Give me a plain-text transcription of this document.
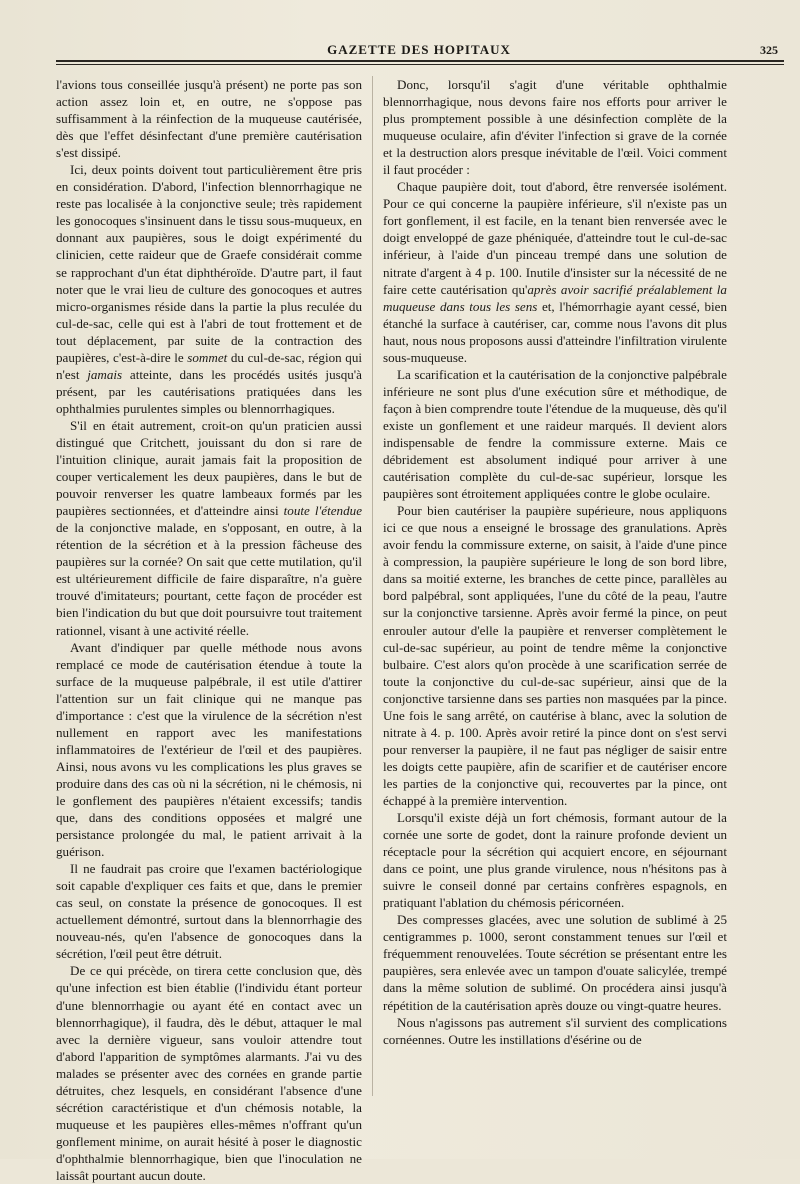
GAZETTE DES HOPITAUX	325

l'avions tous conseillée jusqu'à présent) ne porte pas son action assez loin et, en outre, ne s'oppose pas suffisamment à la réinfection de la muqueuse cautérisée, dès que l'effet désinfectant d'une première cautérisation s'est dissipé.

Ici, deux points doivent tout particulièrement être pris en considération. D'abord, l'infection blennorrhagique ne reste pas localisée à la conjonctive seule; très rapidement les gonocoques s'insinuent dans le tissu sous-muqueux, en donnant aux paupières, sous le doigt expérimenté du clinicien, cette raideur que de Graefe considérait comme se rapprochant d'un état diphthéroïde. D'autre part, il faut noter que le vrai lieu de culture des gonocoques et autres micro-organismes réside dans la partie la plus reculée du cul-de-sac, celle qui est à l'abri de tout frottement et de tout déplacement, par suite de la contraction des paupières, c'est-à-dire le sommet du cul-de-sac, région qui n'est jamais atteinte, dans les procédés usités jusqu'à présent, par les cautérisations pratiquées dans les ophthalmies purulentes simples ou blennorrhagiques.

S'il en était autrement, croit-on qu'un praticien aussi distingué que Critchett, jouissant du don si rare de l'intuition clinique, aurait jamais fait la proposition de couper verticalement les deux paupières, dans le but de pouvoir renverser les quatre lambeaux formés par les paupières sectionnées, et d'atteindre ainsi toute l'étendue de la conjonctive malade, en s'opposant, en outre, à la rétention de la sécrétion et à la pression fâcheuse des paupières sur la cornée? On sait que cette mutilation, qu'il est ultérieurement difficile de faire disparaître, n'a guère trouvé d'imitateurs; pourtant, cette façon de procéder est bien l'indication du but que doit poursuivre tout traitement rationnel, visant à une activité réelle.

Avant d'indiquer par quelle méthode nous avons remplacé ce mode de cautérisation étendue à toute la surface de la muqueuse palpébrale, il est utile d'attirer l'attention sur un fait clinique qui ne manque pas d'importance : c'est que la virulence de la sécrétion n'est nullement en rapport avec les manifestations inflammatoires de l'extérieur de l'œil et des paupières. Ainsi, nous avons vu les complications les plus graves se produire dans des cas où ni la sécrétion, ni le chémosis, ni le gonflement des paupières n'étaient excessifs; tandis que, dans des conditions opposées et malgré une persistance prolongée du mal, le patient arrivait à la guérison.

Il ne faudrait pas croire que l'examen bactériologique soit capable d'expliquer ces faits et que, dans le premier cas seul, on constate la présence de gonocoques. Il est actuellement démontré, surtout dans la blennorrhagie des nouveau-nés, qu'en l'absence de gonocoques dans la sécrétion, l'œil peut être détruit.

De ce qui précède, on tirera cette conclusion que, dès qu'une infection est bien établie (l'individu étant porteur d'une blennorrhagie ou ayant été en contact avec un blennorrhagique), il faudra, dès le début, attaquer le mal avec la dernière vigueur, sans vouloir attendre tout d'abord l'apparition de symptômes alarmants. J'ai vu des malades se présenter avec des cornées en grande partie détruites, chez lesquels, en considérant l'absence d'une sécrétion caractéristique et d'un chémosis notable, la muqueuse et les paupières elles-mêmes n'offrant qu'un gonflement minime, on aurait hésité à poser le diagnostic d'ophthalmie blennorrhagique, bien que l'inoculation ne laissât pourtant aucun doute.

Donc, lorsqu'il s'agit d'une véritable ophthalmie blennorrhagique, nous devons faire nos efforts pour arriver le plus promptement possible à une désinfection complète de la muqueuse oculaire, afin d'éviter l'infection si grave de la cornée et la destruction alors presque inévitable de l'œil. Voici comment il faut procéder :

Chaque paupière doit, tout d'abord, être renversée isolément. Pour ce qui concerne la paupière inférieure, s'il n'existe pas un fort gonflement, il est facile, en la tenant bien renversée avec le doigt enveloppé de gaze phéniquée, d'atteindre tout le cul-de-sac inférieur, à l'aide d'un pinceau trempé dans une solution de nitrate d'argent à 4 p. 100. Inutile d'insister sur la nécessité de ne faire cette cautérisation qu'après avoir sacrifié préalablement la muqueuse dans tous les sens et, l'hémorrhagie ayant cessé, bien étanché la surface à cautériser, car, comme nous l'avons dit plus haut, nous nous proposons aussi d'atteindre l'infiltration virulente sous-muqueuse.

La scarification et la cautérisation de la conjonctive palpébrale inférieure ne sont plus d'une exécution sûre et méthodique, de façon à bien comprendre toute l'étendue de la muqueuse, dès qu'il existe un gonflement et une raideur marqués. Il devient alors indispensable de fendre la commissure externe. Mais ce débridement est absolument indiqué pour arriver à une cautérisation complète du cul-de-sac supérieur, lorsque les paupières sont étroitement appliquées contre le globe oculaire.

Pour bien cautériser la paupière supérieure, nous appliquons ici ce que nous a enseigné le brossage des granulations. Après avoir fendu la commissure externe, on saisit, à l'aide d'une pince à compression, la paupière supérieure le long de son bord libre, dans sa moitié externe, les branches de cette pince, parallèles au bord palpébral, sont appliquées, l'une du côté de la peau, l'autre sur la conjonctive tarsienne. Après avoir fermé la pince, on peut enrouler autour d'elle la paupière et renverser complètement le cul-de-sac supérieur, au point de tendre même la conjonctive bulbaire. C'est alors qu'on procède à une scarification serrée de toute la conjonctive du cul-de-sac supérieur, ainsi que de la conjonctive tarsienne dans ses parties non masquées par la pince. Une fois le sang arrêté, on cautérise à blanc, avec la solution de nitrate à 4. p. 100. Après avoir retiré la pince dont on s'est servi pour renverser la paupière, il ne faut pas négliger de saisir entre les doigts cette paupière, afin de scarifier et de cautériser encore les parties de la conjonctive qui, recouvertes par la pince, ont échappé à la première intervention.

Lorsqu'il existe déjà un fort chémosis, formant autour de la cornée une sorte de godet, dont la rainure profonde devient un réceptacle pour la sécrétion qui acquiert encore, en séjournant dans ce point, une plus grande virulence, nous n'hésitons pas à suivre le conseil donné par certains confrères espagnols, en pratiquant l'ablation du chémosis péricornéen.

Des compresses glacées, avec une solution de sublimé à 25 centigrammes p. 1000, seront constamment tenues sur l'œil et fréquemment renouvelées. Toute sécrétion se présentant entre les paupières, sera enlevée avec un tampon d'ouate salicylée, trempé dans la même solution de sublimé. On procédera ainsi jusqu'à répétition de la cautérisation après douze ou vingt-quatre heures.

Nous n'agissons pas autrement s'il survient des complications cornéennes. Outre les instillations d'ésérine ou de
